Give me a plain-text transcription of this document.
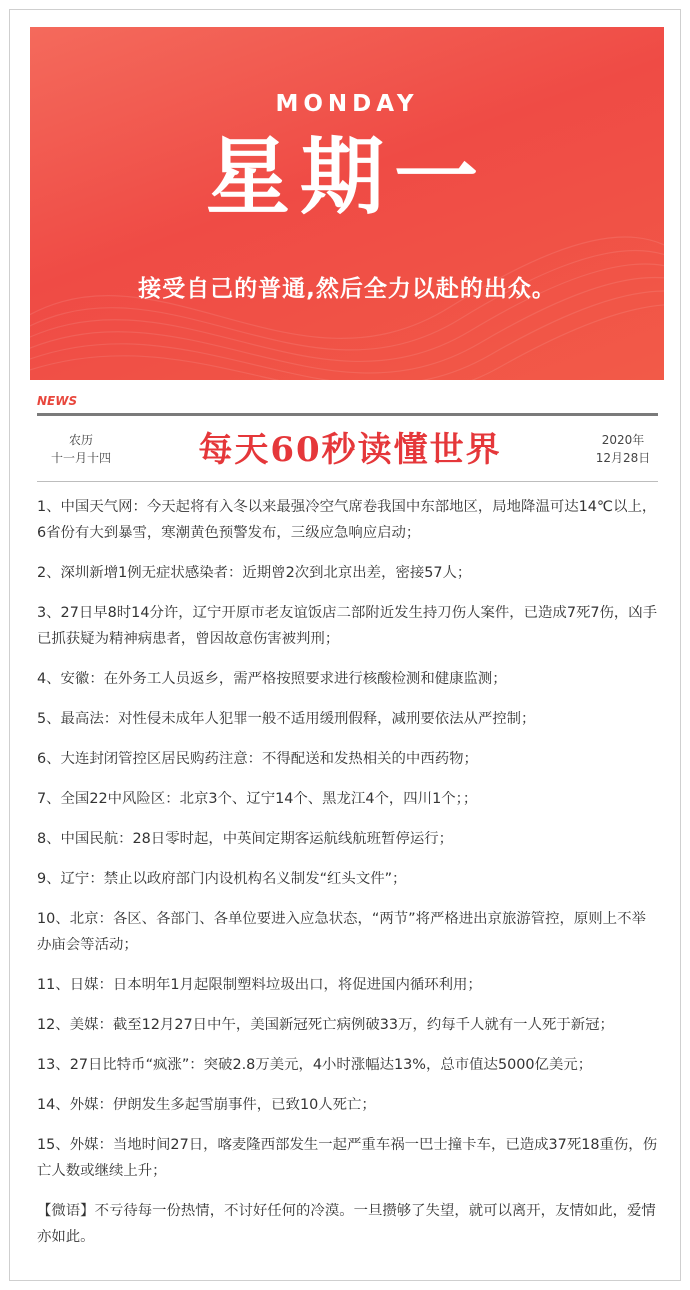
MONDAY
星期一
接受自己的普通,然后全力以赴的出众。
NEWS
农历
十一月十四	每天60秒读懂世界	2020年
12月28日
1、中国天气网：今天起将有入冬以来最强冷空气席卷我国中东部地区，局地降温可达14℃以上，6省份有大到暴雪，寒潮黄色预警发布，三级应急响应启动；
2、深圳新增1例无症状感染者：近期曾2次到北京出差，密接57人；
3、27日早8时14分许，辽宁开原市老友谊饭店二部附近发生持刀伤人案件，已造成7死7伤，凶手已抓获疑为精神病患者，曾因故意伤害被判刑；
4、安徽：在外务工人员返乡，需严格按照要求进行核酸检测和健康监测；
5、最高法：对性侵未成年人犯罪一般不适用缓刑假释，减刑要依法从严控制；
6、大连封闭管控区居民购药注意：不得配送和发热相关的中西药物；
7、全国22中风险区：北京3个、辽宁14个、黑龙江4个，四川1个；；
8、中国民航：28日零时起，中英间定期客运航线航班暂停运行；
9、辽宁：禁止以政府部门内设机构名义制发“红头文件”；
10、北京：各区、各部门、各单位要进入应急状态，“两节”将严格进出京旅游管控，原则上不举办庙会等活动；
11、日媒：日本明年1月起限制塑料垃圾出口，将促进国内循环利用；
12、美媒：截至12月27日中午，美国新冠死亡病例破33万，约每千人就有一人死于新冠；
13、27日比特币“疯涨”：突破2.8万美元，4小时涨幅达13%，总市值达5000亿美元；
14、外媒：伊朗发生多起雪崩事件，已致10人死亡；
15、外媒：当地时间27日，喀麦隆西部发生一起严重车祸一巴士撞卡车，已造成37死18重伤，伤亡人数或继续上升；
【微语】不亏待每一份热情，不讨好任何的冷漠。一旦攒够了失望，就可以离开，友情如此，爱情亦如此。
